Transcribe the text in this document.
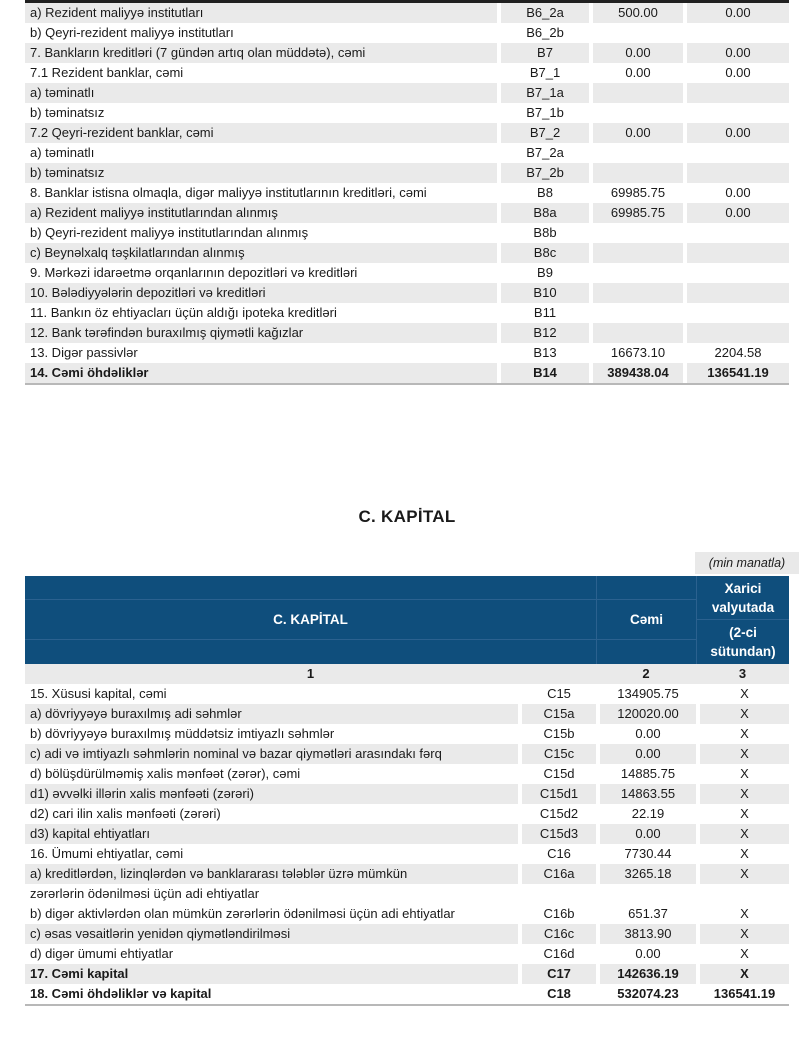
a) Rezident maliyyə institutları	B6_2a	500.00	0.00
b) Qeyri-rezident maliyyə institutları	B6_2b
7. Bankların kreditləri (7 gündən artıq olan müddətə), cəmi	B7	0.00	0.00
7.1 Rezident banklar, cəmi	B7_1	0.00	0.00
a) təminatlı	B7_1a
b) təminatsız	B7_1b
7.2 Qeyri-rezident banklar, cəmi	B7_2	0.00	0.00
a) təminatlı	B7_2a
b) təminatsız	B7_2b
8. Banklar istisna olmaqla, digər maliyyə institutlarının kreditləri, cəmi	B8	69985.75	0.00
a) Rezident maliyyə institutlarından alınmış	B8a	69985.75	0.00
b) Qeyri-rezident maliyyə institutlarından alınmış	B8b
c) Beynəlxalq təşkilatlarından alınmış	B8c
9. Mərkəzi idarəetmə orqanlarının depozitləri və kreditləri	B9
10. Bələdiyyələrin depozitləri və kreditləri	B10
11. Bankın öz ehtiyacları üçün aldığı ipoteka kreditləri	B11
12. Bank tərəfindən buraxılmış qiymətli kağızlar	B12
13. Digər passivlər	B13	16673.10	2204.58
14. Cəmi öhdəliklər	B14	389438.04	136541.19
C. KAPİTAL
(min manatla)
C. KAPİTAL	Cəmi
Xarici valyutada
(2-ci sütundan)
1	2	3
15. Xüsusi kapital, cəmi	C15	134905.75	X
a) dövriyyəyə buraxılmış adi səhmlər	C15a	120020.00	X
b) dövriyyəyə buraxılmış müddətsiz imtiyazlı səhmlər	C15b	0.00	X
c) adi və imtiyazlı səhmlərin nominal və bazar qiymətləri arasındakı fərq	C15c	0.00	X
d) bölüşdürülməmiş xalis mənfəət (zərər), cəmi	C15d	14885.75	X
d1) əvvəlki illərin xalis mənfəəti (zərəri)	C15d1	14863.55	X
d2) cari ilin xalis mənfəəti (zərəri)	C15d2	22.19	X
d3) kapital ehtiyatları	C15d3	0.00	X
16. Ümumi ehtiyatlar, cəmi	C16	7730.44	X
a) kreditlərdən, lizinqlərdən və banklararası tələblər üzrə mümkün	C16a	3265.18	X
zərərlərin ödənilməsi üçün adi ehtiyatlar
b) digər aktivlərdən olan mümkün zərərlərin ödənilməsi üçün adi ehtiyatlar	C16b	651.37	X
c) əsas vəsaitlərin yenidən qiymətləndirilməsi	C16c	3813.90	X
d) digər ümumi ehtiyatlar	C16d	0.00	X
17. Cəmi kapital	C17	142636.19	X
18. Cəmi öhdəliklər və kapital	C18	532074.23	136541.19
